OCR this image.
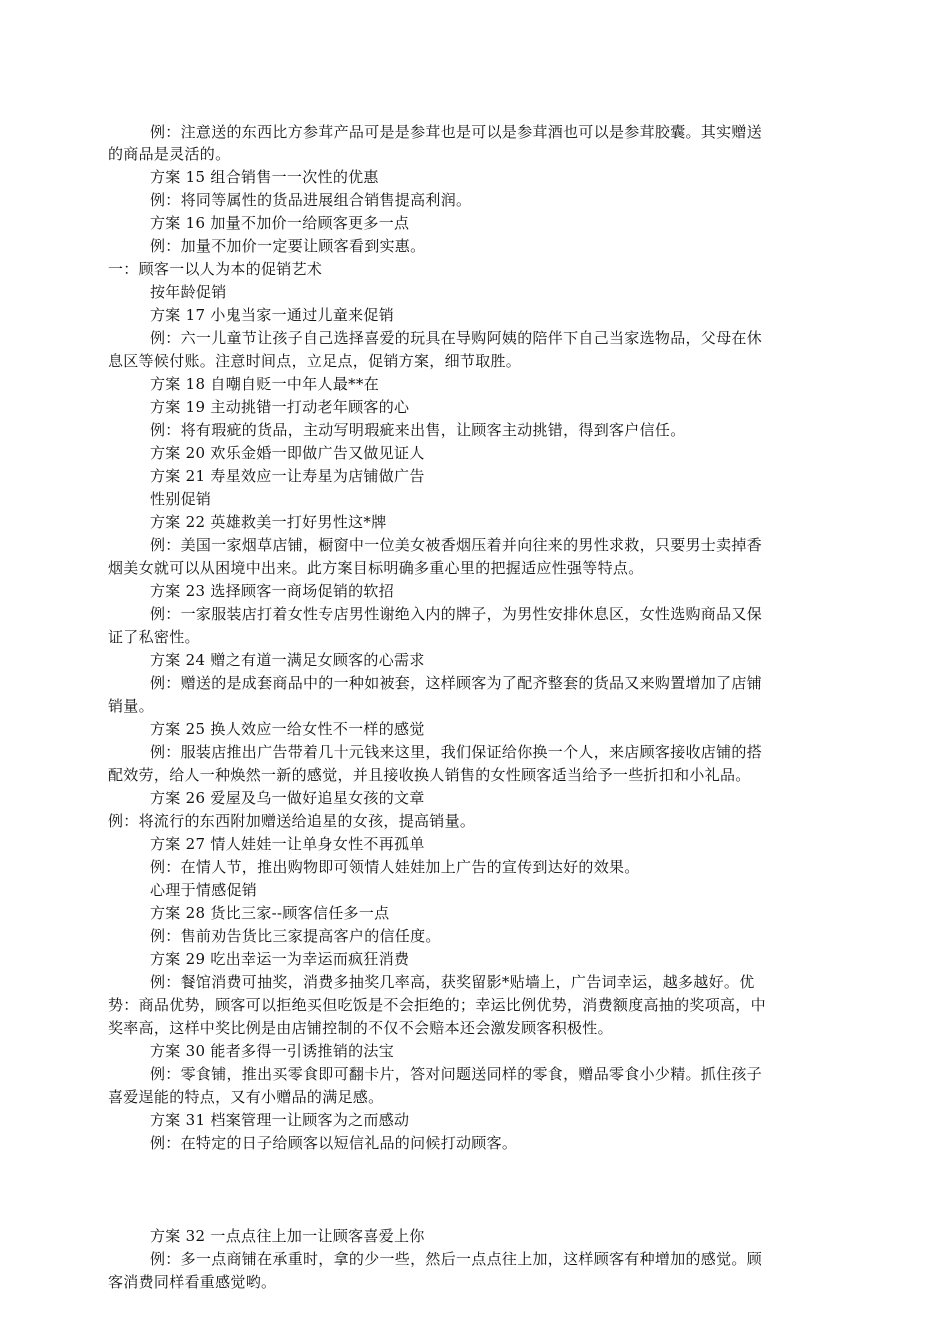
例：注意送的东西比方参茸产品可是是参茸也是可以是参茸酒也可以是参茸胶囊。其实赠送
的商品是灵活的。
方案 15 组合销售一一次性的优惠
例：将同等属性的货品进展组合销售提高利润。
方案 16 加量不加价一给顾客更多一点
例：加量不加价一定要让顾客看到实惠。
一：顾客一以人为本的促销艺术
按年龄促销
方案 17 小鬼当家一通过儿童来促销
例：六一儿童节让孩子自己选择喜爱的玩具在导购阿姨的陪伴下自己当家选物品，父母在休
息区等候付账。注意时间点，立足点，促销方案，细节取胜。
方案 18 自嘲自贬一中年人最**在
方案 19 主动挑错一打动老年顾客的心
例：将有瑕疵的货品，主动写明瑕疵来出售，让顾客主动挑错，得到客户信任。
方案 20 欢乐金婚一即做广告又做见证人
方案 21 寿星效应一让寿星为店铺做广告
性别促销
方案 22 英雄救美一打好男性这*牌
例：美国一家烟草店铺，橱窗中一位美女被香烟压着并向往来的男性求救，只要男士卖掉香
烟美女就可以从困境中出来。此方案目标明确多重心里的把握适应性强等特点。
方案 23 选择顾客一商场促销的软招
例：一家服装店打着女性专店男性谢绝入内的牌子，为男性安排休息区，女性选购商品又保
证了私密性。
方案 24 赠之有道一满足女顾客的心需求
例：赠送的是成套商品中的一种如被套，这样顾客为了配齐整套的货品又来购置增加了店铺
销量。
方案 25 换人效应一给女性不一样的感觉
例：服装店推出广告带着几十元钱来这里，我们保证给你换一个人，来店顾客接收店铺的搭
配效劳，给人一种焕然一新的感觉，并且接收换人销售的女性顾客适当给予一些折扣和小礼品。
方案 26 爱屋及乌一做好追星女孩的文章
例：将流行的东西附加赠送给追星的女孩，提高销量。
方案 27 情人娃娃一让单身女性不再孤单
例：在情人节，推出购物即可领情人娃娃加上广告的宣传到达好的效果。
心理于情感促销
方案 28 货比三家--顾客信任多一点
例：售前劝告货比三家提高客户的信任度。
方案 29 吃出幸运一为幸运而疯狂消费
例：餐馆消费可抽奖，消费多抽奖几率高，获奖留影*贴墙上，广告词幸运，越多越好。优
势：商品优势，顾客可以拒绝买但吃饭是不会拒绝的；幸运比例优势，消费额度高抽的奖项高，中
奖率高，这样中奖比例是由店铺控制的不仅不会赔本还会激发顾客积极性。
方案 30 能者多得一引诱推销的法宝
例：零食铺，推出买零食即可翻卡片，答对问题送同样的零食，赠品零食小少精。抓住孩子
喜爱逞能的特点，又有小赠品的满足感。
方案 31 档案管理一让顾客为之而感动
例：在特定的日子给顾客以短信礼品的问候打动顾客。
方案 32 一点点往上加一让顾客喜爱上你
例：多一点商铺在承重时，拿的少一些，然后一点点往上加，这样顾客有种增加的感觉。顾
客消费同样看重感觉哟。
